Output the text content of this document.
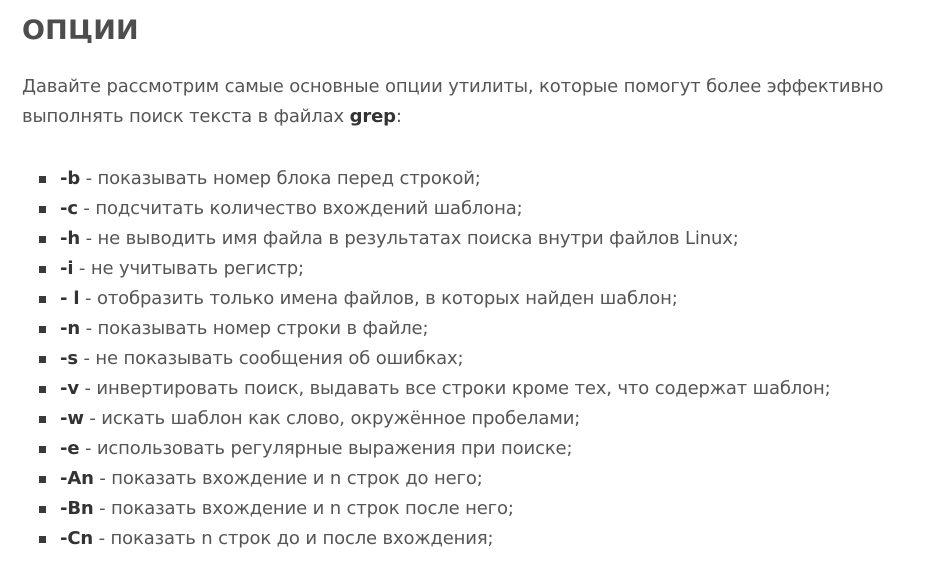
ОПЦИИ

Давайте рассмотрим самые основные опции утилиты, которые помогут более эффективно выполнять поиск текста в файлах grep:

-b - показывать номер блока перед строкой;
-c - подсчитать количество вхождений шаблона;
-h - не выводить имя файла в результатах поиска внутри файлов Linux;
-i - не учитывать регистр;
- l - отобразить только имена файлов, в которых найден шаблон;
-n - показывать номер строки в файле;
-s - не показывать сообщения об ошибках;
-v - инвертировать поиск, выдавать все строки кроме тех, что содержат шаблон;
-w - искать шаблон как слово, окружённое пробелами;
-e - использовать регулярные выражения при поиске;
-An - показать вхождение и n строк до него;
-Bn - показать вхождение и n строк после него;
-Cn - показать n строк до и после вхождения;
